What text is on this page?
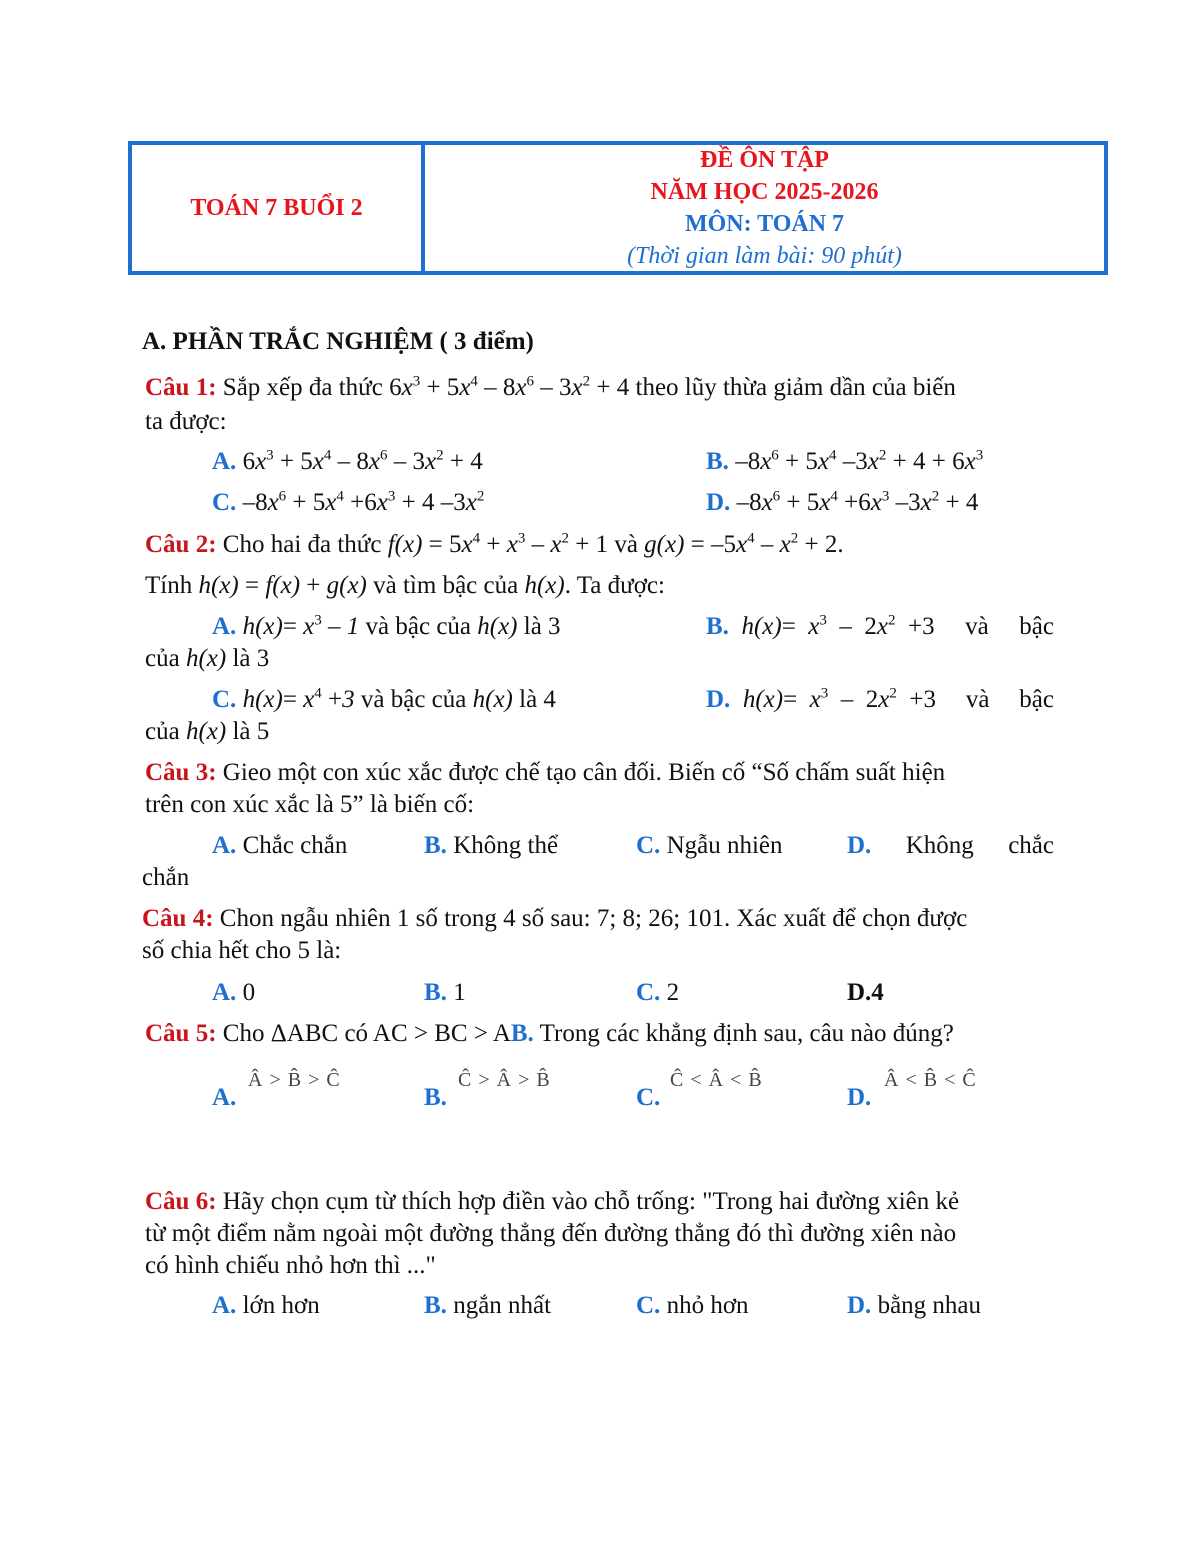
TOÁN 7 BUỔI 2
ĐỀ ÔN TẬP
NĂM HỌC 2025-2026
MÔN: TOÁN 7
(Thời gian làm bài: 90 phút)
A. PHẦN TRẮC NGHIỆM ( 3 điểm)
Câu 1: Sắp xếp đa thức $6x^3 + 5x^4 - 8x^6 - 3x^2 + 4$ theo lũy thừa giảm dần của biến
ta được:
A. $6x^3 + 5x^4 - 8x^6 - 3x^2 + 4$	B. $-8x^6 + 5x^4$ $-3x^2 + 4 + 6x^3$
C. $-8x^6 + 5x^4 +6x^3 + 4$ $-3x^2$	D. $-8x^6 + 5x^4 +6x^3$ $-3x^2 + 4$
Câu 2: Cho hai đa thức $f(x) = 5x^4 + x^3 - x^2 + 1$ và $g(x) = -5x^4 - x^2 + 2$.
Tính h(x) = f(x) + g(x) và tìm bậc của h(x). Ta được:
A. $h(x)= x^3 - 1$ và bậc của h(x) là 3	B. $h(x)= x^3 - 2x^2 +3$ và bậc
của h(x) là 3
C. $h(x)= x^4 +3$ và bậc của h(x) là 4	D. $h(x)= x^3 - 2x^2 +3$ và bậc
của h(x) là 5
Câu 3: Gieo một con xúc xắc được chế tạo cân đối. Biến cố “Số chấm suất hiện
trên con xúc xắc là 5” là biến cố:
A. Chắc chắn	B. Không thể	C. Ngẫu nhiên	D. Không chắc
chắn
Câu 4: Chon ngẫu nhiên 1 số trong 4 số sau: 7; 8; 26; 101. Xác xuất để chọn được
số chia hết cho 5 là:
A. 0	B. 1	C. 2	D.4
Câu 5: Cho ΔABC có AC > BC > AB. Trong các khẳng định sau, câu nào đúng?
A.
Â > B̂ > Ĉ
B.
Ĉ > Â > B̂
C.
Ĉ < Â < B̂
D.
Â < B̂ < Ĉ
Câu 6: Hãy chọn cụm từ thích hợp điền vào chỗ trống: "Trong hai đường xiên kẻ
từ một điểm nằm ngoài một đường thẳng đến đường thẳng đó thì đường xiên nào
có hình chiếu nhỏ hơn thì ..."
A. lớn hơn	B. ngắn nhất	C. nhỏ hơn	D. bằng nhau
